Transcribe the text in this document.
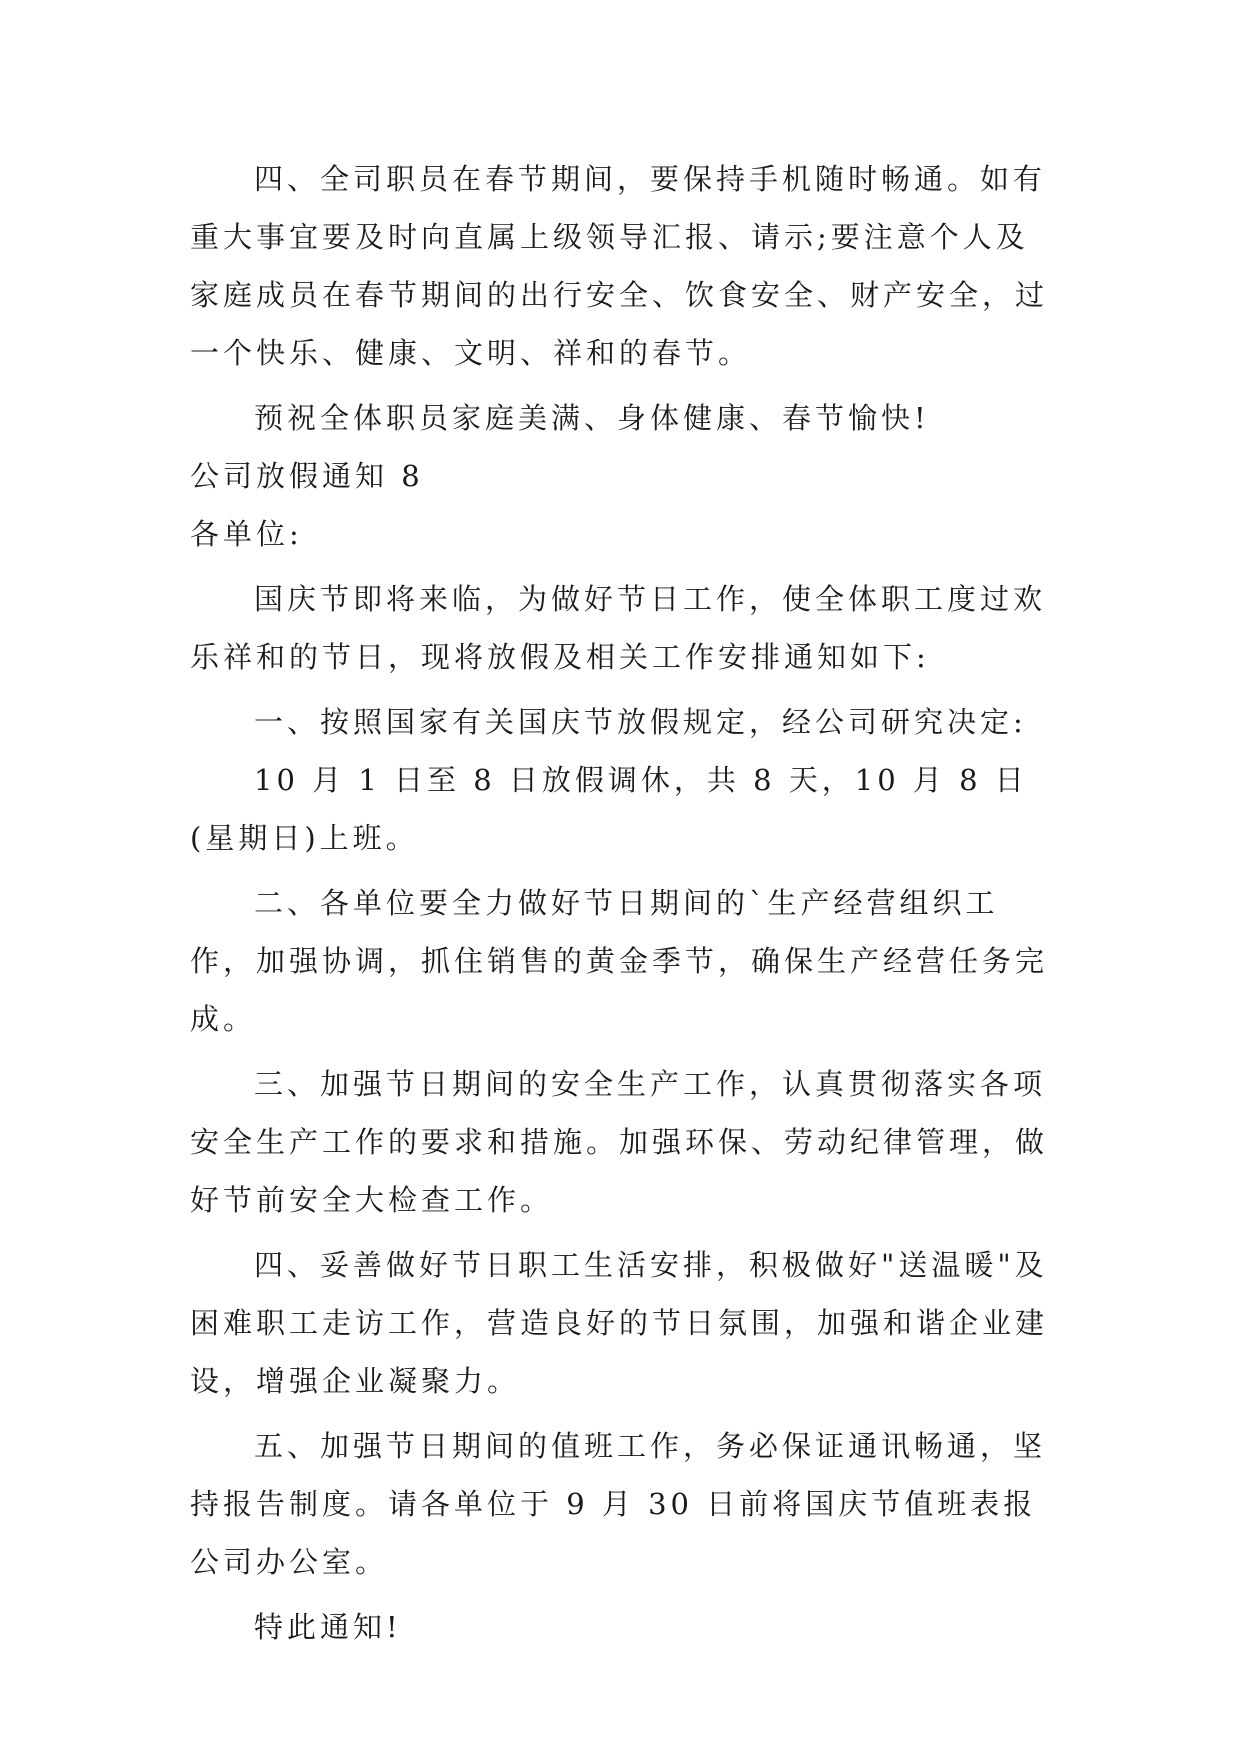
四、全司职员在春节期间，要保持手机随时畅通。如有重大事宜要及时向直属上级领导汇报、请示;要注意个人及家庭成员在春节期间的出行安全、饮食安全、财产安全，过一个快乐、健康、文明、祥和的春节。

预祝全体职员家庭美满、身体健康、春节愉快!

公司放假通知 8

各单位:

国庆节即将来临，为做好节日工作，使全体职工度过欢乐祥和的节日，现将放假及相关工作安排通知如下:

一、按照国家有关国庆节放假规定，经公司研究决定:

10 月 1 日至 8 日放假调休，共 8 天，10 月 8 日(星期日)上班。

二、各单位要全力做好节日期间的`生产经营组织工作，加强协调，抓住销售的黄金季节，确保生产经营任务完成。

三、加强节日期间的安全生产工作，认真贯彻落实各项安全生产工作的要求和措施。加强环保、劳动纪律管理，做好节前安全大检查工作。

四、妥善做好节日职工生活安排，积极做好"送温暖"及困难职工走访工作，营造良好的节日氛围，加强和谐企业建设，增强企业凝聚力。

五、加强节日期间的值班工作，务必保证通讯畅通，坚持报告制度。请各单位于 9 月 30 日前将国庆节值班表报公司办公室。

特此通知!
